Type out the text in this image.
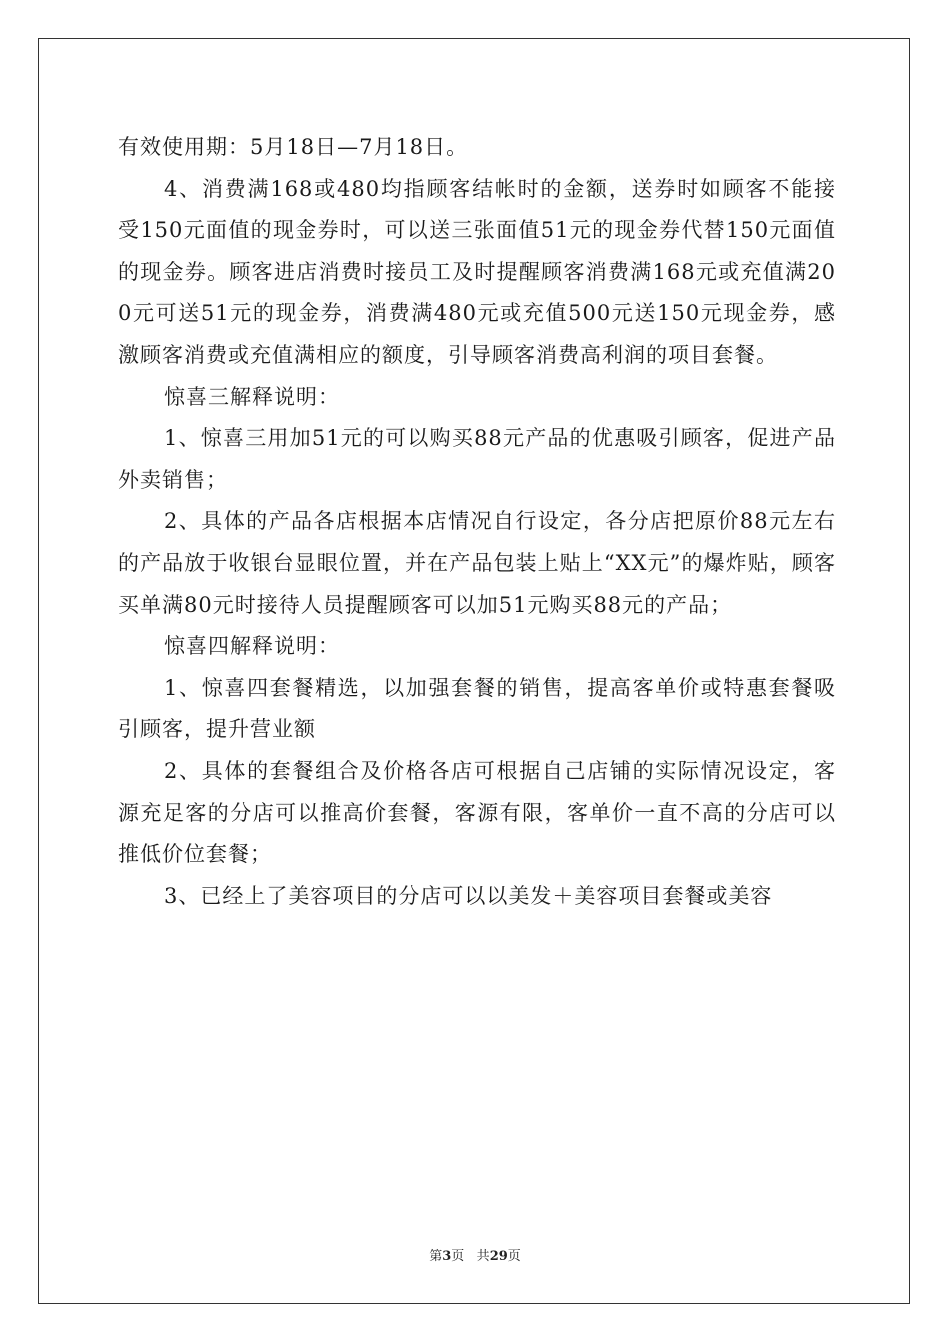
有效使用期：5月18日—7月18日。

4、消费满168或480均指顾客结帐时的金额，送券时如顾客不能接受150元面值的现金券时，可以送三张面值51元的现金券代替150元面值的现金券。顾客进店消费时接员工及时提醒顾客消费满168元或充值满200元可送51元的现金券，消费满480元或充值500元送150元现金券，感激顾客消费或充值满相应的额度，引导顾客消费高利润的项目套餐。

惊喜三解释说明：

1、惊喜三用加51元的可以购买88元产品的优惠吸引顾客，促进产品外卖销售；

2、具体的产品各店根据本店情况自行设定，各分店把原价88元左右的产品放于收银台显眼位置，并在产品包装上贴上“XX元”的爆炸贴，顾客买单满80元时接待人员提醒顾客可以加51元购买88元的产品；

惊喜四解释说明：

1、惊喜四套餐精选，以加强套餐的销售，提高客单价或特惠套餐吸引顾客，提升营业额

2、具体的套餐组合及价格各店可根据自己店铺的实际情况设定，客源充足客的分店可以推高价套餐，客源有限，客单价一直不高的分店可以推低价位套餐；

3、已经上了美容项目的分店可以以美发＋美容项目套餐或美容

第3页 共29页
